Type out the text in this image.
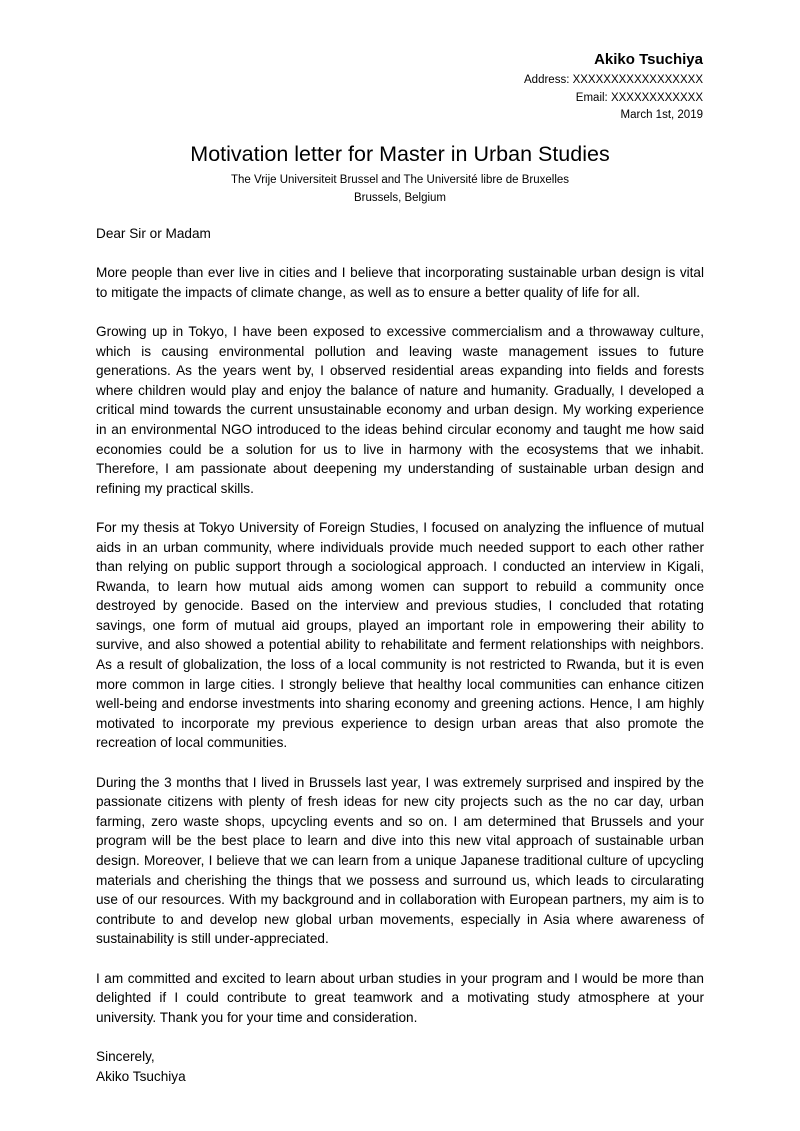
Akiko Tsuchiya
Address: XXXXXXXXXXXXXXXXX
Email: XXXXXXXXXXXX
March 1st, 2019
Motivation letter for Master in Urban Studies
The Vrije Universiteit Brussel and The Université libre de Bruxelles
Brussels, Belgium

Dear Sir or Madam

More people than ever live in cities and I believe that incorporating sustainable urban design is vital to mitigate the impacts of climate change, as well as to ensure a better quality of life for all.

Growing up in Tokyo, I have been exposed to excessive commercialism and a throwaway culture, which is causing environmental pollution and leaving waste management issues to future generations. As the years went by, I observed residential areas expanding into fields and forests where children would play and enjoy the balance of nature and humanity. Gradually, I developed a critical mind towards the current unsustainable economy and urban design. My working experience in an environmental NGO introduced to the ideas behind circular economy and taught me how said economies could be a solution for us to live in harmony with the ecosystems that we inhabit. Therefore, I am passionate about deepening my understanding of sustainable urban design and refining my practical skills.

For my thesis at Tokyo University of Foreign Studies, I focused on analyzing the influence of mutual aids in an urban community, where individuals provide much needed support to each other rather than relying on public support through a sociological approach. I conducted an interview in Kigali, Rwanda, to learn how mutual aids among women can support to rebuild a community once destroyed by genocide. Based on the interview and previous studies, I concluded that rotating savings, one form of mutual aid groups, played an important role in empowering their ability to survive, and also showed a potential ability to rehabilitate and ferment relationships with neighbors. As a result of globalization, the loss of a local community is not restricted to Rwanda, but it is even more common in large cities. I strongly believe that healthy local communities can enhance citizen well-being and endorse investments into sharing economy and greening actions. Hence, I am highly motivated to incorporate my previous experience to design urban areas that also promote the recreation of local communities.

During the 3 months that I lived in Brussels last year, I was extremely surprised and inspired by the passionate citizens with plenty of fresh ideas for new city projects such as the no car day, urban farming, zero waste shops, upcycling events and so on. I am determined that Brussels and your program will be the best place to learn and dive into this new vital approach of sustainable urban design. Moreover, I believe that we can learn from a unique Japanese traditional culture of upcycling materials and cherishing the things that we possess and surround us, which leads to circularating use of our resources. With my background and in collaboration with European partners, my aim is to contribute to and develop new global urban movements, especially in Asia where awareness of sustainability is still under-appreciated.

I am committed and excited to learn about urban studies in your program and I would be more than delighted if I could contribute to great teamwork and a motivating study atmosphere at your university. Thank you for your time and consideration.

Sincerely,

Akiko Tsuchiya
